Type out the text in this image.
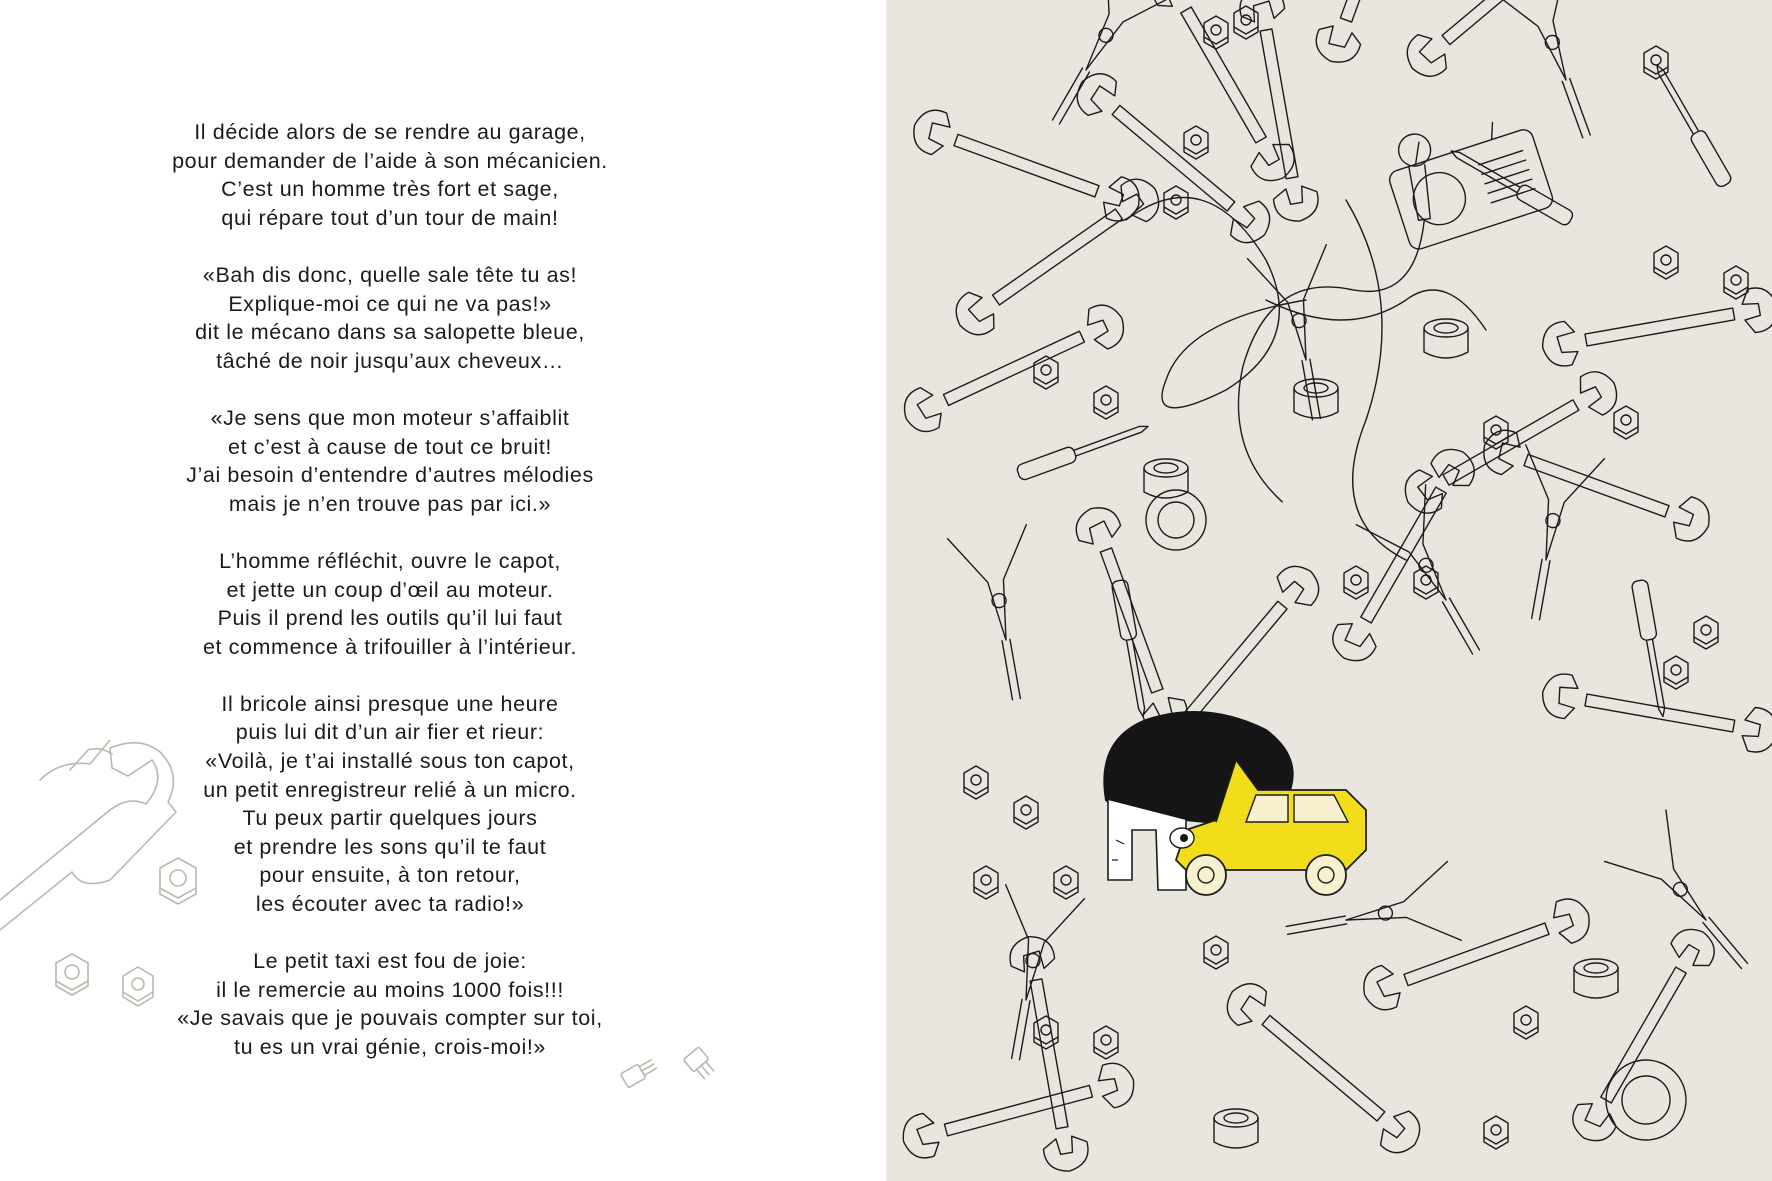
Il décide alors de se rendre au garage,
pour demander de l’aide à son mécanicien.
C’est un homme très fort et sage,
qui répare tout d’un tour de main!
«Bah dis donc, quelle sale tête tu as!
Explique-moi ce qui ne va pas!»
dit le mécano dans sa salopette bleue,
tâché de noir jusqu’aux cheveux…
«Je sens que mon moteur s’affaiblit
et c’est à cause de tout ce bruit!
J’ai besoin d’entendre d’autres mélodies
mais je n’en trouve pas par ici.»
L’homme réfléchit, ouvre le capot,
et jette un coup d’œil au moteur.
Puis il prend les outils qu’il lui faut
et commence à trifouiller à l’intérieur.
Il bricole ainsi presque une heure
puis lui dit d’un air fier et rieur:
«Voilà, je t’ai installé sous ton capot,
un petit enregistreur relié à un micro.
Tu peux partir quelques jours
et prendre les sons qu’il te faut
pour ensuite, à ton retour,
les écouter avec ta radio!»
Le petit taxi est fou de joie:
il le remercie au moins 1000 fois!!!
«Je savais que je pouvais compter sur toi,
tu es un vrai génie, crois-moi!»
